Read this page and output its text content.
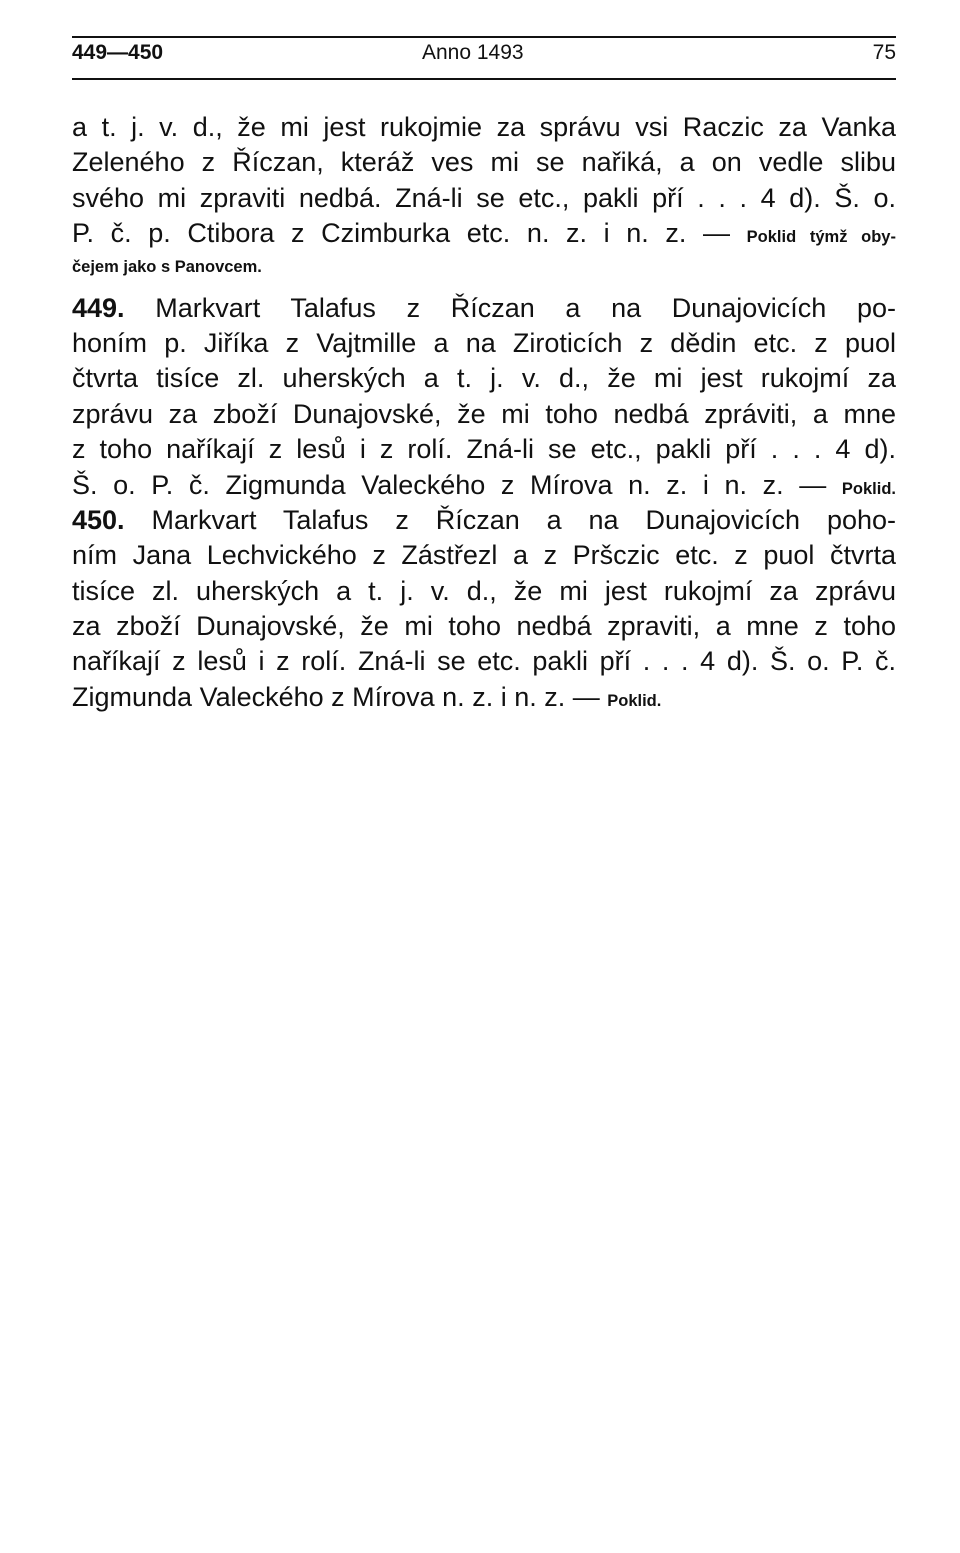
449—450	Anno 1493	75
a t. j. v. d., že mi jest rukojmie za správu vsi Raczic za Vanka
Zeleného z Říczan, kteráž ves mi se nařiká, a on vedle slibu
svého mi zpraviti nedbá. Zná-li se etc., pakli pří . . . 4 d). Š. o.
P. č. p. Ctibora z Czimburka etc. n. z. i n. z. — Poklid týmž oby-
čejem jako s Panovcem.
449. Markvart Talafus z Říczan a na Dunajovicích po-
honím p. Jiříka z Vajtmille a na Ziroticích z dědin etc. z puol
čtvrta tisíce zl. uherských a t. j. v. d., že mi jest rukojmí za
zprávu za zboží Dunajovské, že mi toho nedbá zpráviti, a mne
z toho naříkají z lesů i z rolí. Zná-li se etc., pakli pří . . . 4 d).
Š. o. P. č. Zigmunda Valeckého z Mírova n. z. i n. z. — Poklid.
450. Markvart Talafus z Říczan a na Dunajovicích poho-
ním Jana Lechvického z Zástřezl a z Pršczic etc. z puol čtvrta
tisíce zl. uherských a t. j. v. d., že mi jest rukojmí za zprávu
za zboží Dunajovské, že mi toho nedbá zpraviti, a mne z toho
naříkají z lesů i z rolí. Zná-li se etc. pakli pří . . . 4 d). Š. o. P. č.
Zigmunda Valeckého z Mírova n. z. i n. z. — Poklid.
